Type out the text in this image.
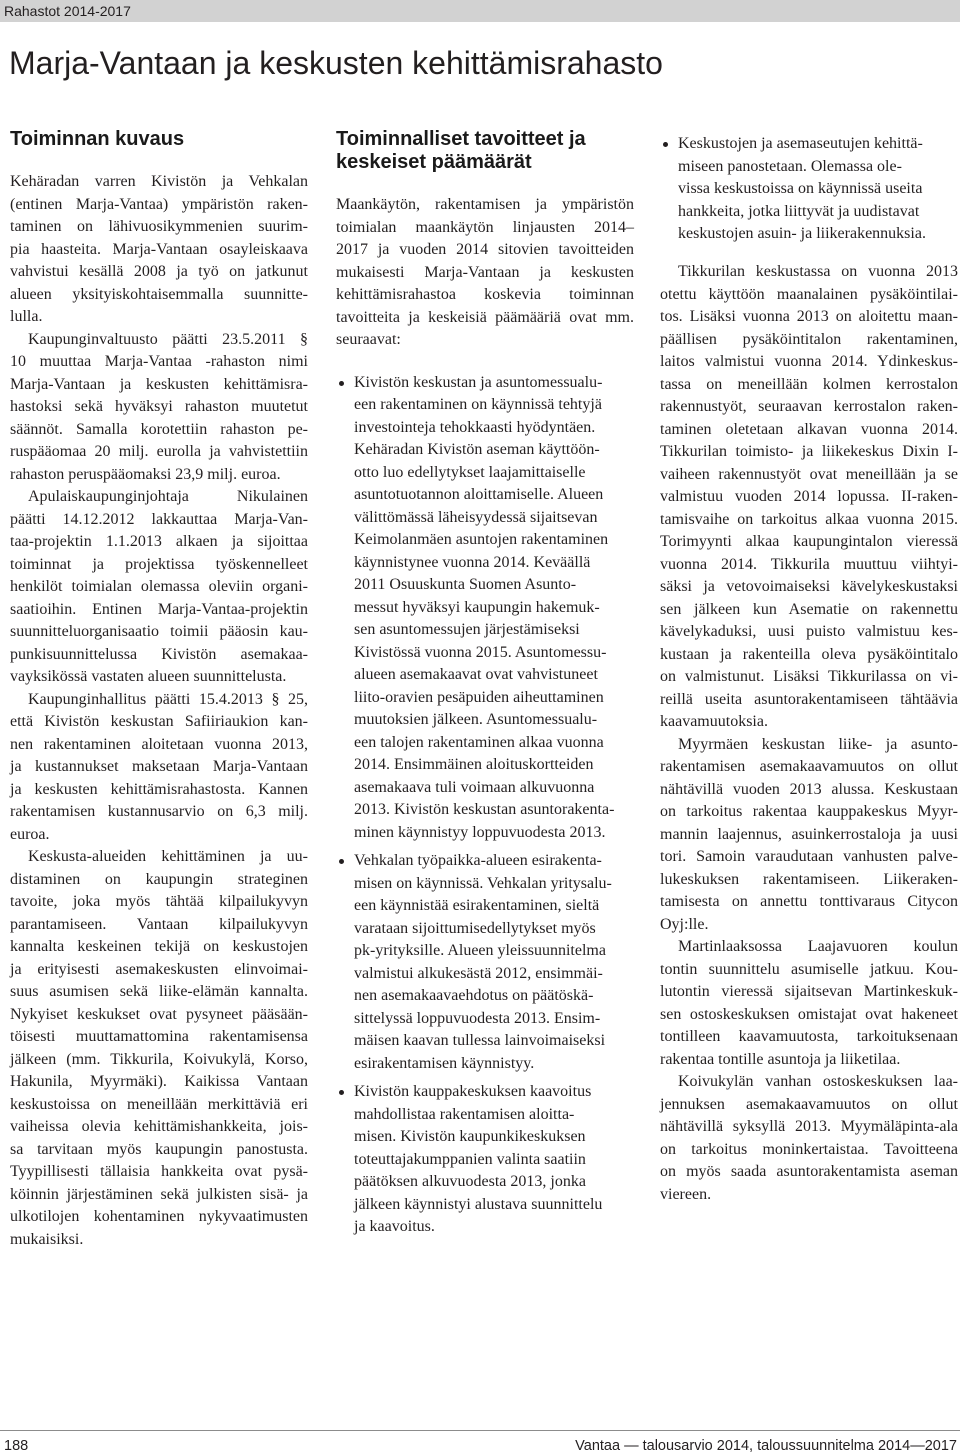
Rahastot 2014-2017
Marja-Vantaan ja keskusten kehittämisrahasto
Toiminnan kuvaus

Kehäradan varren Kivistön ja Vehkalan
(entinen Marja-Vantaa) ympäristön raken-
taminen on lähivuosikymmenien suurim-
pia haasteita. Marja-Vantaan osayleiskaava
vahvistui kesällä 2008 ja työ on jatkunut
alueen yksityiskohtaisemmalla suunnitte-
lulla.

Kaupunginvaltuusto päätti 23.5.2011 §
10 muuttaa Marja-Vantaa -rahaston nimi
Marja-Vantaan ja keskusten kehittämisra-
hastoksi sekä hyväksyi rahaston muutetut
säännöt. Samalla korotettiin rahaston pe-
ruspääomaa 20 milj. eurolla ja vahvistettiin
rahaston peruspääomaksi 23,9 milj. euroa.

Apulaiskaupunginjohtaja Nikulainen
päätti 14.12.2012 lakkauttaa Marja-Van-
taa-projektin 1.1.2013 alkaen ja sijoittaa
toiminnat ja projektissa työskennelleet
henkilöt toimialan olemassa oleviin organi-
saatioihin. Entinen Marja-Vantaa-projektin
suunnitteluorganisaatio toimii pääosin kau-
punkisuunnittelussa Kivistön asemakaa-
vayksikössä vastaten alueen suunnittelusta.

Kaupunginhallitus päätti 15.4.2013 § 25,
että Kivistön keskustan Safiiriaukion kan-
nen rakentaminen aloitetaan vuonna 2013,
ja kustannukset maksetaan Marja-Vantaan
ja keskusten kehittämisrahastosta. Kannen
rakentamisen kustannusarvio on 6,3 milj.
euroa.

Keskusta-alueiden kehittäminen ja uu-
distaminen on kaupungin strateginen
tavoite, joka myös tähtää kilpailukyvyn
parantamiseen. Vantaan kilpailukyvyn
kannalta keskeinen tekijä on keskustojen
ja erityisesti asemakeskusten elinvoimai-
suus asumisen sekä liike-elämän kannalta.
Nykyiset keskukset ovat pysyneet pääsään-
töisesti muuttamattomina rakentamisensa
jälkeen (mm. Tikkurila, Koivukylä, Korso,
Hakunila, Myyrmäki). Kaikissa Vantaan
keskustoissa on meneillään merkittäviä eri
vaiheissa olevia kehittämishankkeita, jois-
sa tarvitaan myös kaupungin panostusta.
Tyypillisesti tällaisia hankkeita ovat pysä-
köinnin järjestäminen sekä julkisten sisä- ja
ulkotilojen kohentaminen nykyvaatimusten
mukaisiksi.

Toiminnalliset tavoitteet ja
keskeiset päämäärät

Maankäytön, rakentamisen ja ympäristön
toimialan maankäytön linjausten 2014–
2017 ja vuoden 2014 sitovien tavoitteiden
mukaisesti Marja-Vantaan ja keskusten
kehittämisrahastoa koskevia toiminnan
tavoitteita ja keskeisiä päämääriä ovat mm.
seuraavat:

Kivistön keskustan ja asuntomessualu-
een rakentaminen on käynnissä tehtyjä
investointeja tehokkaasti hyödyntäen.
Kehäradan Kivistön aseman käyttöön-
otto luo edellytykset laajamittaiselle
asuntotuotannon aloittamiselle. Alueen
välittömässä läheisyydessä sijaitsevan
Keimolanmäen asuntojen rakentaminen
käynnistynee vuonna 2014. Keväällä
2011 Osuuskunta Suomen Asunto-
messut hyväksyi kaupungin hakemuk-
sen asuntomessujen järjestämiseksi
Kivistössä vuonna 2015. Asuntomessu-
alueen asemakaavat ovat vahvistuneet
liito-oravien pesäpuiden aiheuttaminen
muutoksien jälkeen. Asuntomessualu-
een talojen rakentaminen alkaa vuonna
2014. Ensimmäinen aloituskortteiden
asemakaava tuli voimaan alkuvuonna
2013. Kivistön keskustan asuntorakenta-
minen käynnistyy loppuvuodesta 2013.
Vehkalan työpaikka-alueen esirakenta-
misen on käynnissä. Vehkalan yritysalu-
een käynnistää esirakentaminen, sieltä
varataan sijoittumisedellytykset myös
pk-yrityksille. Alueen yleissuunnitelma
valmistui alkukesästä 2012, ensimmäi-
nen asemakaavaehdotus on päätöskä-
sittelyssä loppuvuodesta 2013. Ensim-
mäisen kaavan tullessa lainvoimaiseksi
esirakentamisen käynnistyy.
Kivistön kauppakeskuksen kaavoitus
mahdollistaa rakentamisen aloitta-
misen. Kivistön kaupunkikeskuksen
toteuttajakumppanien valinta saatiin
päätöksen alkuvuodesta 2013, jonka
jälkeen käynnistyi alustava suunnittelu
ja kaavoitus.
Keskustojen ja asemaseutujen kehittä-
miseen panostetaan. Olemassa ole-
vissa keskustoissa on käynnissä useita
hankkeita, jotka liittyvät ja uudistavat
keskustojen asuin- ja liikerakennuksia.

Tikkurilan keskustassa on vuonna 2013
otettu käyttöön maanalainen pysäköintilai-
tos. Lisäksi vuonna 2013 on aloitettu maan-
päällisen pysäköintitalon rakentaminen,
laitos valmistui vuonna 2014. Ydinkeskus-
tassa on meneillään kolmen kerrostalon
rakennustyöt, seuraavan kerrostalon raken-
taminen oletetaan alkavan vuonna 2014.
Tikkurilan toimisto- ja liikekeskus Dixin I-
vaiheen rakennustyöt ovat meneillään ja se
valmistuu vuoden 2014 lopussa. II-raken-
tamisvaihe on tarkoitus alkaa vuonna 2015.
Torimyynti alkaa kaupungintalon vieressä
vuonna 2014. Tikkurila muuttuu viihtyi-
säksi ja vetovoimaiseksi kävelykeskustaksi
sen jälkeen kun Asematie on rakennettu
kävelykaduksi, uusi puisto valmistuu kes-
kustaan ja rakenteilla oleva pysäköintitalo
on valmistunut. Lisäksi Tikkurilassa on vi-
reillä useita asuntorakentamiseen tähtäävia
kaavamuutoksia.

Myyrmäen keskustan liike- ja asunto-
rakentamisen asemakaavamuutos on ollut
nähtävillä vuoden 2013 alussa. Keskustaan
on tarkoitus rakentaa kauppakeskus Myyr-
mannin laajennus, asuinkerrostaloja ja uusi
tori. Samoin varaudutaan vanhusten palve-
lukeskuksen rakentamiseen. Liikeraken-
tamisesta on annettu tonttivaraus Citycon
Oyj:lle.

Martinlaaksossa Laajavuoren koulun
tontin suunnittelu asumiselle jatkuu. Kou-
lutontin vieressä sijaitsevan Martinkeskuk-
sen ostoskeskuksen omistajat ovat hakeneet
tontilleen kaavamuutosta, tarkoituksenaan
rakentaa tontille asuntoja ja liiketilaa.

Koivukylän vanhan ostoskeskuksen laa-
jennuksen asemakaavamuutos on ollut
nähtävillä syksyllä 2013. Myymäläpinta-ala
on tarkoitus moninkertaistaa. Tavoitteena
on myös saada asuntorakentamista aseman
viereen.

188	Vantaa — talousarvio 2014, taloussuunnitelma 2014—2017
